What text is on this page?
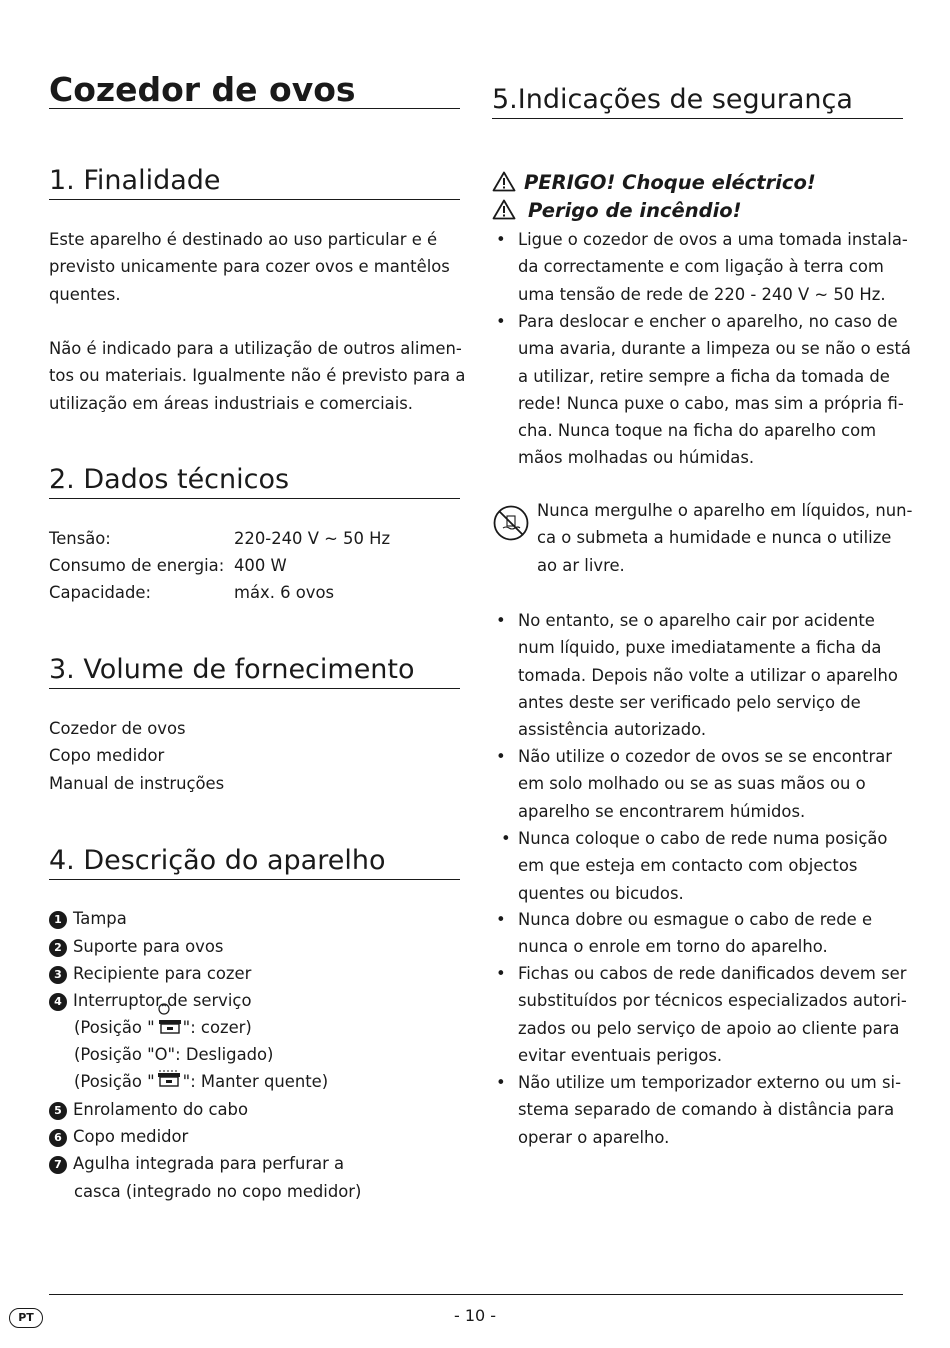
Cozedor de ovos
1. Finalidade
Este aparelho é destinado ao uso particular e é
previsto unicamente para cozer ovos e mantêlos
quentes.
Não é indicado para a utilização de outros alimen-
tos ou materiais. Igualmente não é previsto para a
utilização em áreas industriais e comerciais.
2. Dados técnicos
Tensão:	220-240 V ~ 50 Hz
Consumo de energia: 400 W
Capacidade:	máx. 6 ovos
3. Volume de fornecimento
Cozedor de ovos
Copo medidor
Manual de instruções
4. Descrição do aparelho
1 Tampa
2 Suporte para ovos
3 Recipiente para cozer
4 Interruptor de serviço
(Posição " ": cozer)
(Posição "O": Desligado)
(Posição " ": Manter quente)
5 Enrolamento do cabo
6 Copo medidor
7 Agulha integrada para perfurar a
casca (integrado no copo medidor)
5.Indicações de segurança
PERIGO! Choque eléctrico!
Perigo de incêndio!
• Ligue o cozedor de ovos a uma tomada instala-
da correctamente e com ligação à terra com
uma tensão de rede de 220 - 240 V ~ 50 Hz.
• Para deslocar e encher o aparelho, no caso de
uma avaria, durante a limpeza ou se não o está
a utilizar, retire sempre a ficha da tomada de
rede! Nunca puxe o cabo, mas sim a própria fi-
cha. Nunca toque na ficha do aparelho com
mãos molhadas ou húmidas.
Nunca mergulhe o aparelho em líquidos, nun-
ca o submeta a humidade e nunca o utilize
ao ar livre.
• No entanto, se o aparelho cair por acidente
num líquido, puxe imediatamente a ficha da
tomada. Depois não volte a utilizar o aparelho
antes deste ser verificado pelo serviço de
assistência autorizado.
• Não utilize o cozedor de ovos se se encontrar
em solo molhado ou se as suas mãos ou o
aparelho se encontrarem húmidos.
• Nunca coloque o cabo de rede numa posição
em que esteja em contacto com objectos
quentes ou bicudos.
• Nunca dobre ou esmague o cabo de rede e
nunca o enrole em torno do aparelho.
• Fichas ou cabos de rede danificados devem ser
substituídos por técnicos especializados autori-
zados ou pelo serviço de apoio ao cliente para
evitar eventuais perigos.
• Não utilize um temporizador externo ou um si-
stema separado de comando à distância para
operar o aparelho.
PT	- 10 -
